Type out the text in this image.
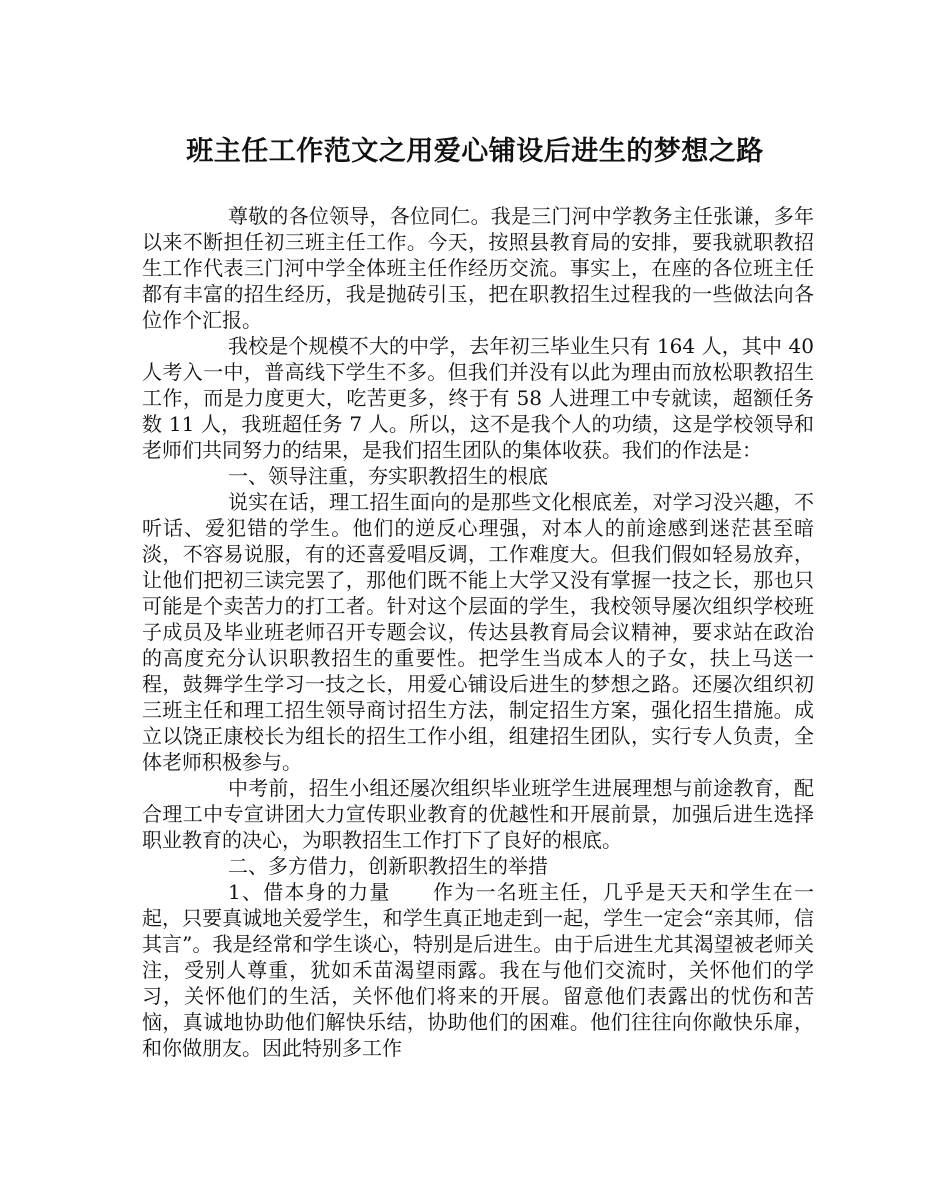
班主任工作范文之用爱心铺设后进生的梦想之路

尊敬的各位领导，各位同仁。我是三门河中学教务主任张谦，多年以来不断担任初三班主任工作。今天，按照县教育局的安排，要我就职教招生工作代表三门河中学全体班主任作经历交流。事实上，在座的各位班主任都有丰富的招生经历，我是抛砖引玉，把在职教招生过程我的一些做法向各位作个汇报。

我校是个规模不大的中学，去年初三毕业生只有 164 人，其中 40 人考入一中，普高线下学生不多。但我们并没有以此为理由而放松职教招生工作，而是力度更大，吃苦更多，终于有 58 人进理工中专就读，超额任务数 11 人，我班超任务 7 人。所以，这不是我个人的功绩，这是学校领导和老师们共同努力的结果，是我们招生团队的集体收获。我们的作法是：

一、领导注重，夯实职教招生的根底

说实在话，理工招生面向的是那些文化根底差，对学习没兴趣，不听话、爱犯错的学生。他们的逆反心理强，对本人的前途感到迷茫甚至暗淡，不容易说服，有的还喜爱唱反调，工作难度大。但我们假如轻易放弃，让他们把初三读完罢了，那他们既不能上大学又没有掌握一技之长，那也只可能是个卖苦力的打工者。针对这个层面的学生，我校领导屡次组织学校班子成员及毕业班老师召开专题会议，传达县教育局会议精神，要求站在政治的高度充分认识职教招生的重要性。把学生当成本人的子女，扶上马送一程，鼓舞学生学习一技之长，用爱心铺设后进生的梦想之路。还屡次组织初三班主任和理工招生领导商讨招生方法，制定招生方案，强化招生措施。成立以饶正康校长为组长的招生工作小组，组建招生团队，实行专人负责，全体老师积极参与。

中考前，招生小组还屡次组织毕业班学生进展理想与前途教育，配合理工中专宣讲团大力宣传职业教育的优越性和开展前景，加强后进生选择职业教育的决心，为职教招生工作打下了良好的根底。

二、多方借力，创新职教招生的举措

1、借本身的力量　　作为一名班主任，几乎是天天和学生在一起，只要真诚地关爱学生，和学生真正地走到一起，学生一定会“亲其师，信其言”。我是经常和学生谈心，特别是后进生。由于后进生尤其渴望被老师关注，受别人尊重，犹如禾苗渴望雨露。我在与他们交流时，关怀他们的学习，关怀他们的生活，关怀他们将来的开展。留意他们表露出的忧伤和苦恼，真诚地协助他们解快乐结，协助他们的困难。他们往往向你敞快乐扉，和你做朋友。因此特别多工作
